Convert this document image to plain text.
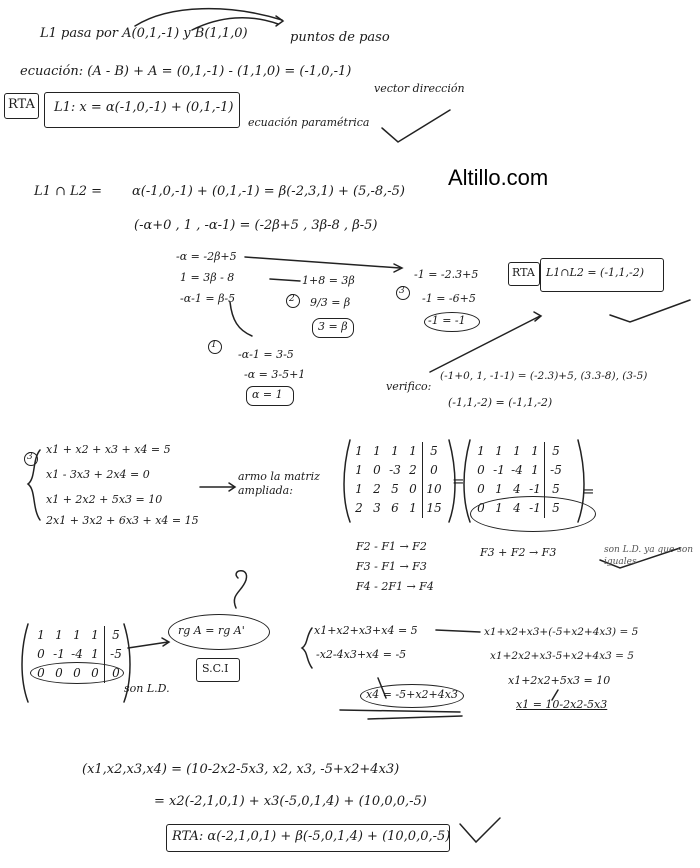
Altillo.com
L1 pasa por A(0,1,-1) y B(1,1,0)	puntos de paso
ecuación: (A - B) + A = (0,1,-1) - (1,1,0) = (-1,0,-1)
vector dirección
RTA L1: x = α(-1,0,-1) + (0,1,-1)
ecuación paramétrica
L1 ∩ L2 = α(-1,0,-1) + (0,1,-1) = β(-2,3,1) + (5,-8,-5)
(-α+0 , 1 , -α-1) = (-2β+5 , 3β-8 , β-5)
-α = -2β+5
1 = 3β - 8
-α-1 = β-5
1+8 = 3β
2 9/3 = β
3 = β
3
-1 = -2.3+5
-1 = -6+5
-1 = -1
1
-α-1 = 3-5
-α = 3-5+1
α = 1
RTA L1∩L2 = (-1,1,-2)
verifico:
(-1+0, 1, -1-1) = (-2.3)+5, (3.3-8), (3-5)
(-1,1,-2) = (-1,1,-2)
3
x1 + x2 + x3 + x4 = 5
x1 - 3x3 + 2x4 = 0
x1 + 2x2 + 5x3 = 10
2x1 + 3x2 + 6x3 + x4 = 15
armo la matriz ampliada:
1 1 1 1 5
1 0 -3 2 0
1 2 5 0 10
2 3 6 1 15
=
1 1 1 1 5
0 -1 -4 1 -5
0 1 4 -1 5
0 1 4 -1 5
=
F2 - F1 → F2
F3 - F1 → F3
F4 - 2F1 → F4
F3 + F2 → F3	son L.D. ya que son iguales
1 1 1 1 5
0 -1 -4 1 -5
0 0 0 0 0
son L.D.
rg A = rg A'
S.C.I
x1+x2+x3+x4 = 5
-x2-4x3+x4 = -5
x4 = -5+x2+4x3
x1+x2+x3+(-5+x2+4x3) = 5
x1+2x2+x3-5+x2+4x3 = 5
x1+2x2+5x3 = 10
x1 = 10-2x2-5x3
(x1,x2,x3,x4) = (10-2x2-5x3, x2, x3, -5+x2+4x3)
= x2(-2,1,0,1) + x3(-5,0,1,4) + (10,0,0,-5)
RTA: α(-2,1,0,1) + β(-5,0,1,4) + (10,0,0,-5)
